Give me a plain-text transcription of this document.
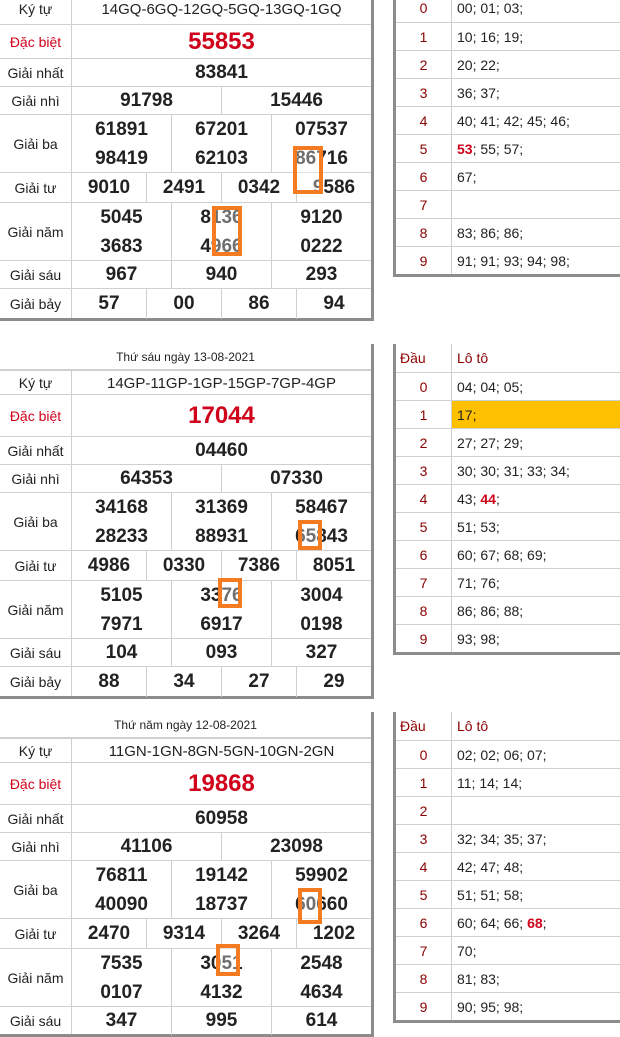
Ký tự	14GQ-6GQ-12GQ-5GQ-13GQ-1GQ
Đặc biệt	55853
Giải nhất	83841
Giải nhì	91798	15446
Giải ba
61891	67201	07537
98419	62103	86716
Giải tư	9010	2491	0342	9586
Giải năm
5045	8136	9120
3683	4966	0222
Giải sáu	967	940	293
Giải bảy	57	00	86	94
0	00; 01; 03;
1	10; 16; 19;
2	20; 22;
3	36; 37;
4	40; 41; 42; 45; 46;
5	53 ; 55; 57;
6	67;
7
8	83; 86; 86;
9	91; 91; 93; 94; 98;
Thứ sáu ngày 13-08-2021
Ký tự	14GP-11GP-1GP-15GP-7GP-4GP
Đặc biệt	17044
Giải nhất	04460
Giải nhì	64353	07330
Giải ba
34168	31369	58467
28233	88931	65843
Giải tư	4986	0330	7386	8051
Giải năm
5105	3376	3004
7971	6917	0198
Giải sáu	104	093	327
Giải bảy	88	34	27	29
Đầu	Lô tô
0	04; 04; 05;
1	17;
2	27; 27; 29;
3	30; 30; 31; 33; 34;
4	43; 44 ;
5	51; 53;
6	60; 67; 68; 69;
7	71; 76;
8	86; 86; 88;
9	93; 98;
Thứ năm ngày 12-08-2021
Ký tự	11GN-1GN-8GN-5GN-10GN-2GN
Đặc biệt	19868
Giải nhất	60958
Giải nhì	41106	23098
Giải ba
76811	19142	59902
40090	18737	60660
Giải tư	2470	9314	3264	1202
Giải năm
7535	3051	2548
0107	4132	4634
Giải sáu	347	995	614
Đầu	Lô tô
0	02; 02; 06; 07;
1	11; 14; 14;
2
3	32; 34; 35; 37;
4	42; 47; 48;
5	51; 51; 58;
6	60; 64; 66; 68 ;
7	70;
8	81; 83;
9	90; 95; 98;
